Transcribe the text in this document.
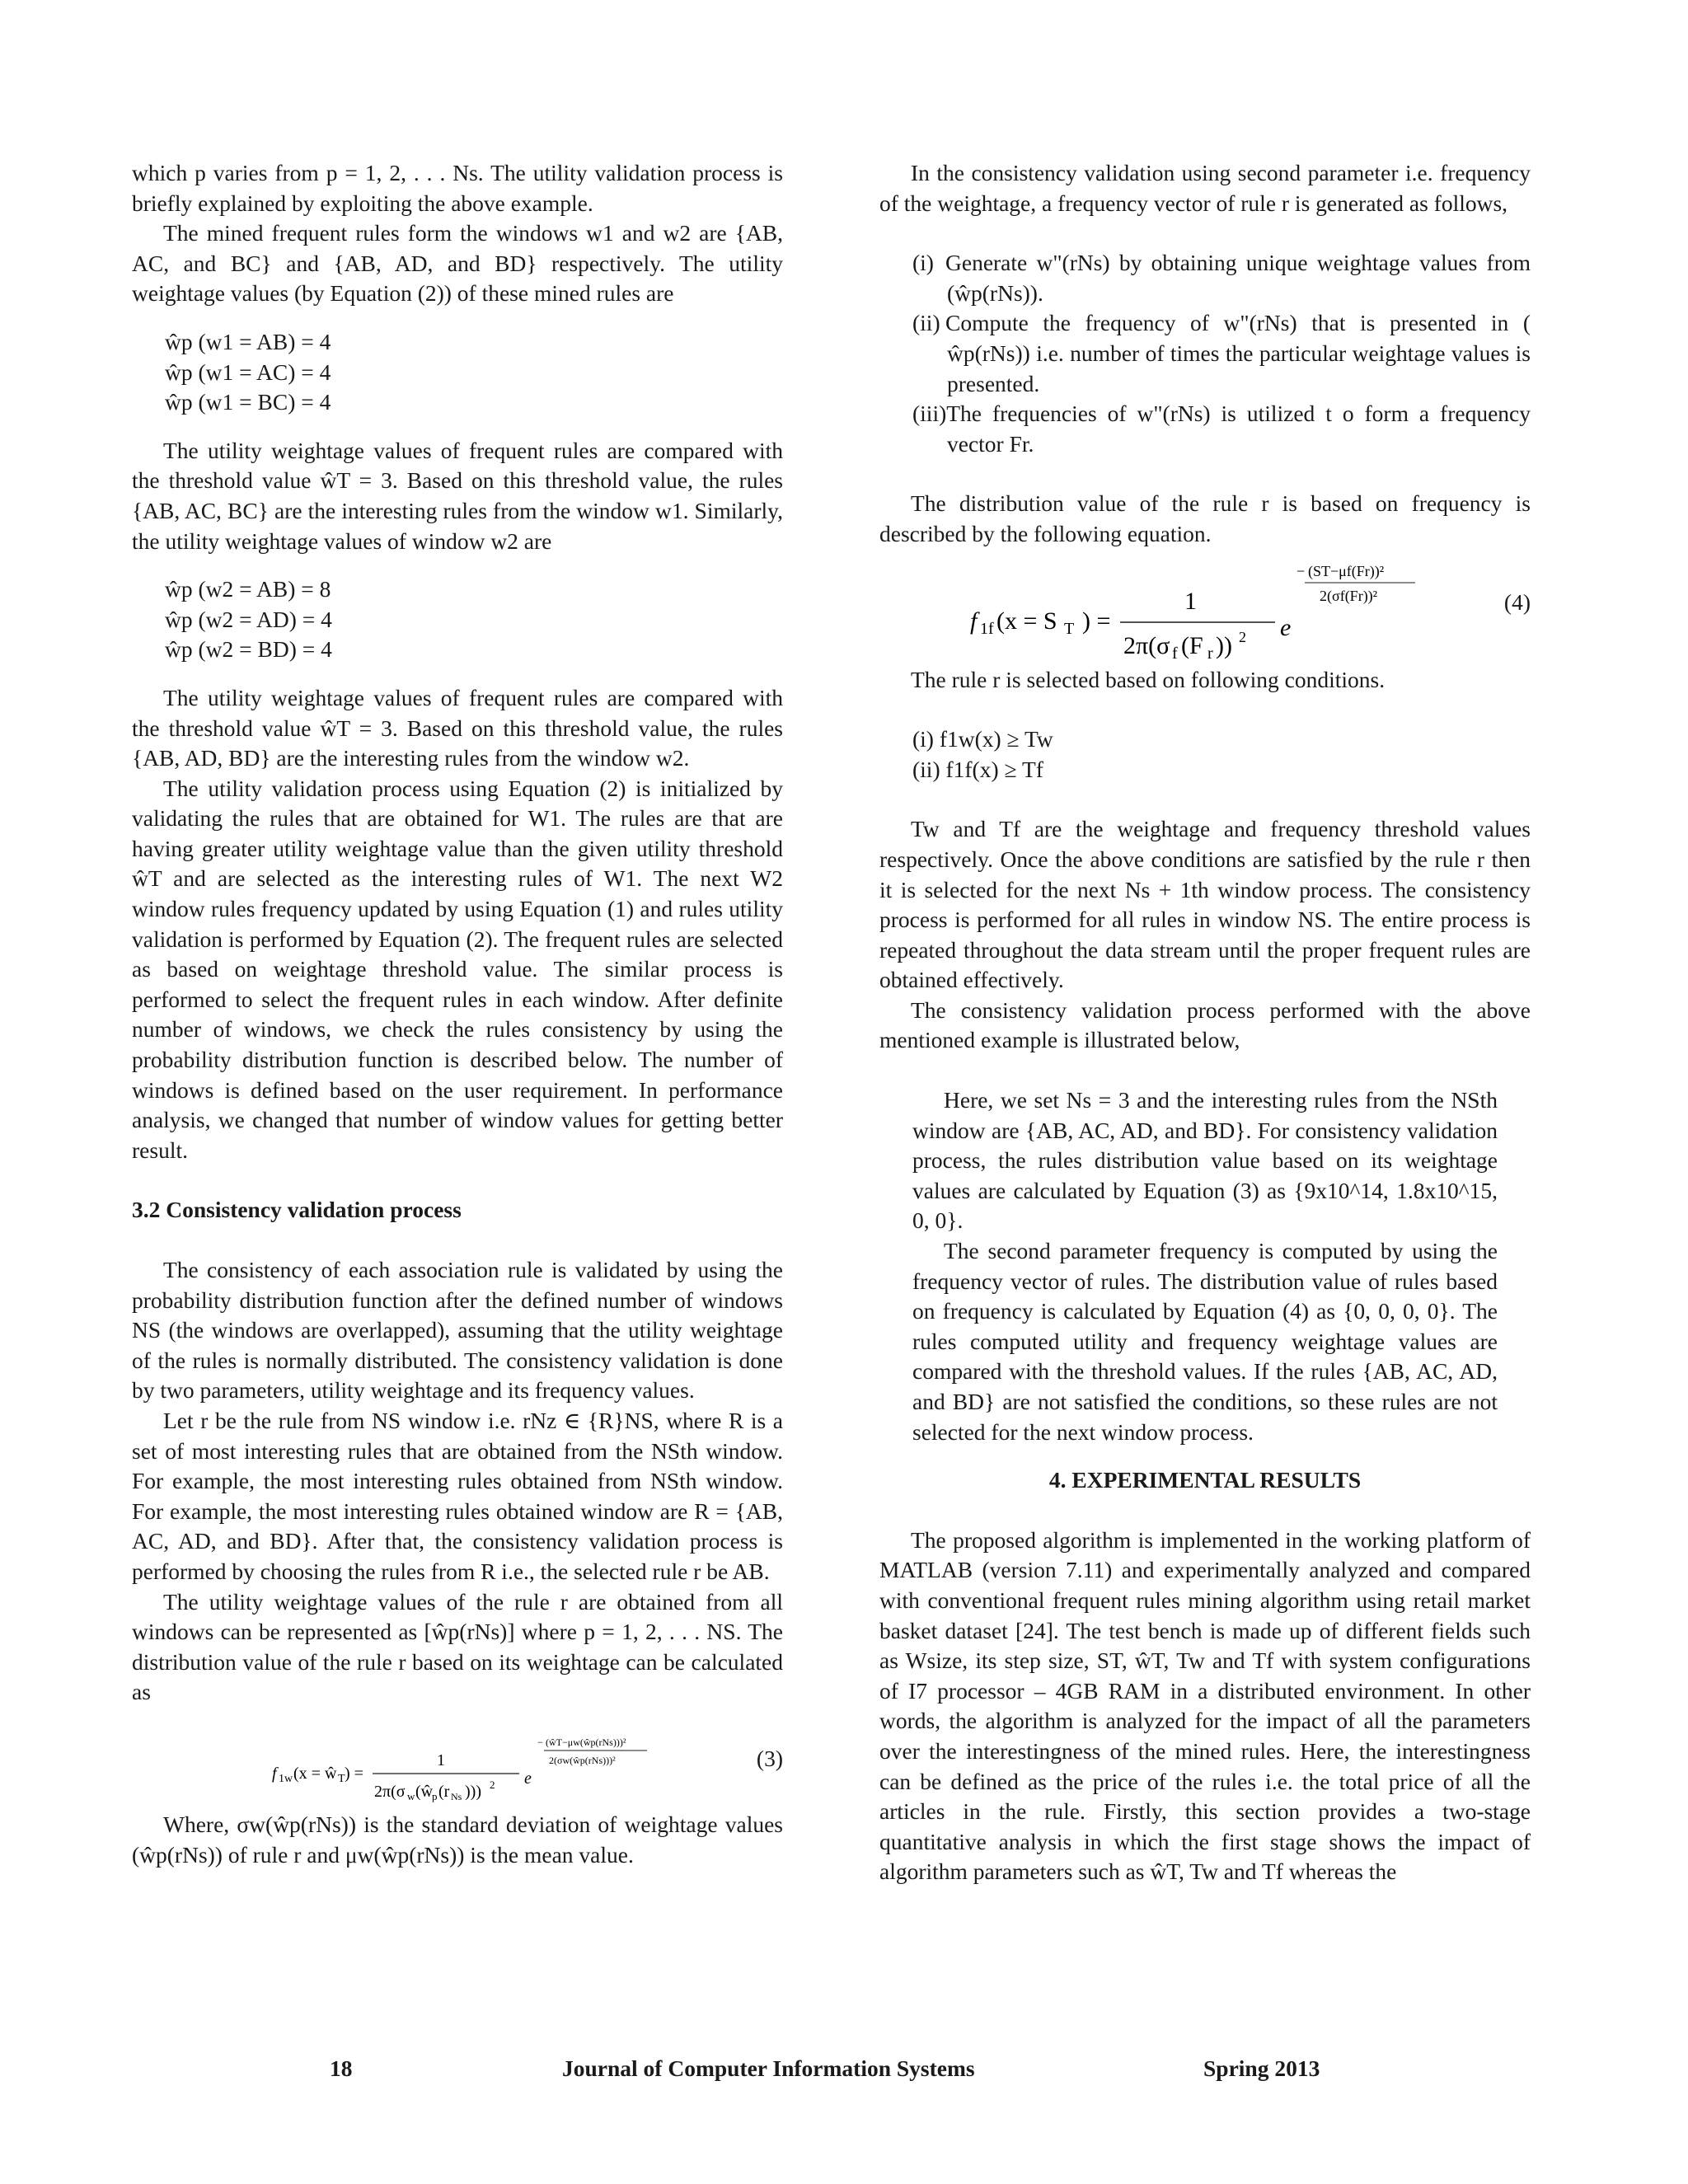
which p varies from p = 1, 2, . . . Ns. The utility validation process is briefly explained by exploiting the above example.

The mined frequent rules form the windows w1 and w2 are {AB, AC, and BC} and {AB, AD, and BD} respectively. The utility weightage values (by Equation (2)) of these mined rules are

ŵp (w1 = AB) = 4
ŵp (w1 = AC) = 4
ŵp (w1 = BC) = 4

The utility weightage values of frequent rules are compared with the threshold value ŵT = 3. Based on this threshold value, the rules {AB, AC, BC} are the interesting rules from the window w1. Similarly, the utility weightage values of window w2 are

ŵp (w2 = AB) = 8
ŵp (w2 = AD) = 4
ŵp (w2 = BD) = 4

The utility weightage values of frequent rules are compared with the threshold value ŵT = 3. Based on this threshold value, the rules {AB, AD, BD} are the interesting rules from the window w2.

The utility validation process using Equation (2) is initialized by validating the rules that are obtained for W1. The rules are that are having greater utility weightage value than the given utility threshold ŵT and are selected as the interesting rules of W1. The next W2 window rules frequency updated by using Equation (1) and rules utility validation is performed by Equation (2). The frequent rules are selected as based on weightage threshold value. The similar process is performed to select the frequent rules in each window. After definite number of windows, we check the rules consistency by using the probability distribution function is described below. The number of windows is defined based on the user requirement. In performance analysis, we changed that number of window values for getting better result.

3.2 Consistency validation process

The consistency of each association rule is validated by using the probability distribution function after the defined number of windows NS (the windows are overlapped), assuming that the utility weightage of the rules is normally distributed. The consistency validation is done by two parameters, utility weightage and its frequency values.

Let r be the rule from NS window i.e. rNz ∈ {R}NS, where R is a set of most interesting rules that are obtained from the NSth window. For example, the most interesting rules obtained from NSth window. For example, the most interesting rules obtained window are R = {AB, AC, AD, and BD}. After that, the consistency validation process is performed by choosing the rules from R i.e., the selected rule r be AB.

The utility weightage values of the rule r are obtained from all windows can be represented as [ŵp(rNs)] where p = 1, 2, . . . NS. The distribution value of the rule r based on its weightage can be calculated as

f 1w (x = ŵ T ) =
1
2π(σ w (ŵ
p (r Ns ))) 2 e
− (ŵT−μw(ŵp(rNs)))²
2(σw(ŵp(rNs)))²	(3)

Where, σw(ŵp(rNs)) is the standard deviation of weightage values (ŵp(rNs)) of rule r and μw(ŵp(rNs)) is the mean value.

In the consistency validation using second parameter i.e. frequency of the weightage, a frequency vector of rule r is generated as follows,

(i) Generate w"(rNs) by obtaining unique weightage values from (ŵp(rNs)).
(ii) Compute the frequency of w"(rNs) that is presented in ( ŵp(rNs)) i.e. number of times the particular weightage values is presented.
(iii)The frequencies of w"(rNs) is utilized t o form a frequency vector Fr.

The distribution value of the rule r is based on frequency is described by the following equation.

f 1f (x = S T ) =
1
2π(σ f (F r )) 2 e
− (ST−μf(Fr))²
2(σf(Fr))²	(4)

The rule r is selected based on following conditions.

(i) f1w(x) ≥ Tw
(ii) f1f(x) ≥ Tf

Tw and Tf are the weightage and frequency threshold values respectively. Once the above conditions are satisfied by the rule r then it is selected for the next Ns + 1th window process. The consistency process is performed for all rules in window NS. The entire process is repeated throughout the data stream until the proper frequent rules are obtained effectively.

The consistency validation process performed with the above mentioned example is illustrated below,

Here, we set Ns = 3 and the interesting rules from the NSth window are {AB, AC, AD, and BD}. For consistency validation process, the rules distribution value based on its weightage values are calculated by Equation (3) as {9x10^14, 1.8x10^15, 0, 0}.

The second parameter frequency is computed by using the frequency vector of rules. The distribution value of rules based on frequency is calculated by Equation (4) as {0, 0, 0, 0}. The rules computed utility and frequency weightage values are compared with the threshold values. If the rules {AB, AC, AD, and BD} are not satisfied the conditions, so these rules are not selected for the next window process.

4. EXPERIMENTAL RESULTS

The proposed algorithm is implemented in the working platform of MATLAB (version 7.11) and experimentally analyzed and compared with conventional frequent rules mining algorithm using retail market basket dataset [24]. The test bench is made up of different fields such as Wsize, its step size, ST, ŵT, Tw and Tf with system configurations of I7 processor – 4GB RAM in a distributed environment. In other words, the algorithm is analyzed for the impact of all the parameters over the interestingness of the mined rules. Here, the interestingness can be defined as the price of the rules i.e. the total price of all the articles in the rule. Firstly, this section provides a two-stage quantitative analysis in which the first stage shows the impact of algorithm parameters such as ŵT, Tw and Tf whereas the

18	Journal of Computer Information Systems	Spring 2013
